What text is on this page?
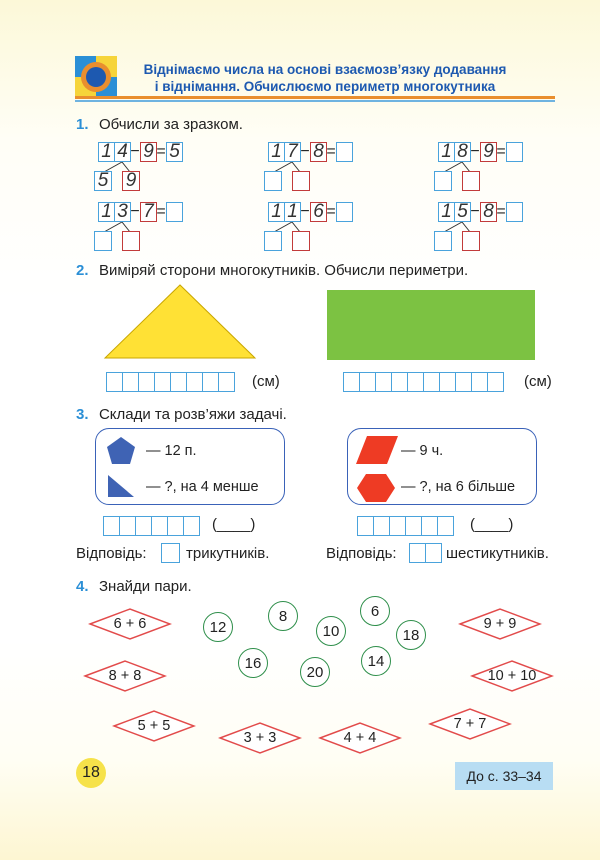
Віднімаємо числа на основі взаємозв’язку додавання
і віднімання. Обчислюємо периметр многокутника
1. Обчисли за зразком.
1 4 − 9 = 5
5 9
1 7 − 8 =	1 8 − 9 =
1 3 − 7 =	1 1 − 6 =	1 5 − 8 =
2. Виміряй сторони многокутників. Обчисли периметри.
(см)	(см)
3. Склади та розв’яжи задачі.
— 12 п.
— ?, на 4 менше
— 9 ч.
— ?, на 6 більше
(____)	(____)
Відповідь:	трикутників.	Відповідь:	шестикутників.
4. Знайди пари.
6 + 6	9 + 9
8 + 8	10 + 10
5 + 5
3 + 3	4 + 4
7 + 7
12
8
10
6
18
16
20
14
18	До с. 33–34
